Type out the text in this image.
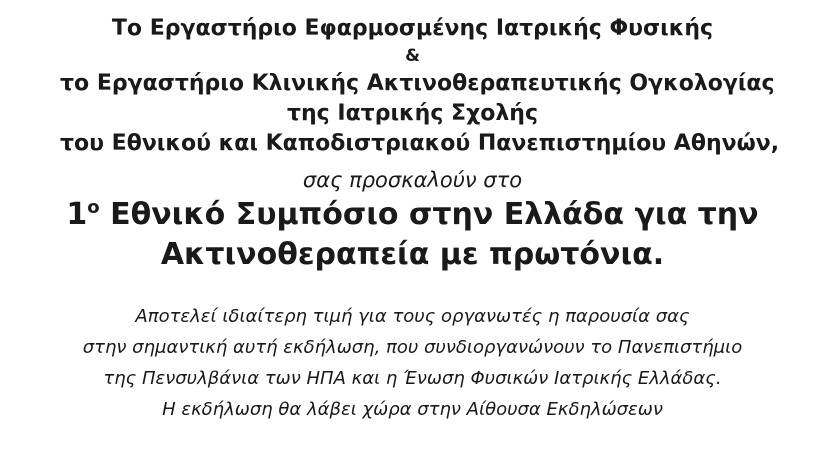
Το Εργαστήριο Εφαρμοσμένης Ιατρικής Φυσικής
&
το Εργαστήριο Κλινικής Ακτινοθεραπευτικής Ογκολογίας
της Ιατρικής Σχολής
του Εθνικού και Καποδιστριακού Πανεπιστημίου Αθηνών,
σας προσκαλούν στο
$1^o$ Εθνικό Συμπόσιο στην Ελλάδα για την
Ακτινοθεραπεία με πρωτόνια.
Αποτελεί ιδιαίτερη τιμή για τους οργανωτές η παρουσία σας
στην σημαντική αυτή εκδήλωση, που συνδιοργανώνουν το Πανεπιστήμιο
της Πενσυλβάνια των ΗΠΑ και η Ένωση Φυσικών Ιατρικής Ελλάδας.
Η εκδήλωση θα λάβει χώρα στην Αίθουσα Εκδηλώσεων
